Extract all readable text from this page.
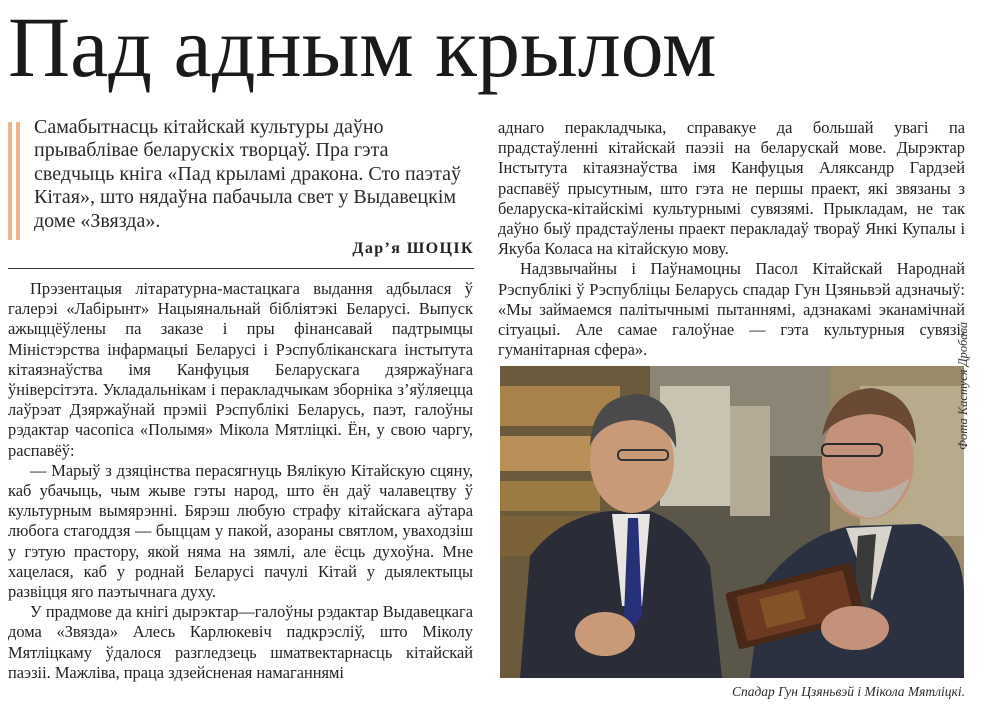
Пад адным крылом

Самабытнасць кітайскай культуры даўно прываблівае беларускіх творцаў. Пра гэта сведчыць кніга «Пад крыламі дракона. Сто паэтаў Кітая», што нядаўна пабачыла свет у Выдавецкім доме «Звязда».

Дар’я ШОЦІК

Прэзентацыя літаратурна-мастацкага выдання адбылася ў галерэі «Лабірынт» Нацыянальнай бібліятэкі Беларусі. Выпуск ажыццёўлены па заказе і пры фінансавай падтрымцы Міністэрства інфармацыі Беларусі і Рэспубліканскага інстытута кітаязнаўства імя Канфуцыя Беларускага дзяржаўнага ўніверсітэта. Укладальнікам і перакладчыкам зборніка з’яўляецца лаўрэат Дзяржаўнай прэміі Рэспублікі Беларусь, паэт, галоўны рэдактар часопіса «Полымя» Мікола Мятліцкі. Ён, у свою чаргу, распавёў:

— Марыў з дзяцінства перасягнуць Вялікую Кітайскую сцяну, каб убачыць, чым жыве гэты народ, што ён даў чалавецтву ў культурным вымярэнні. Бярэш любую страфу кітайскага аўтара любога стагоддзя — быццам у пакой, азораны святлом, уваходзіш у гэтую прастору, якой няма на зямлі, але ёсць духоўна. Мне хацелася, каб у роднай Беларусі пачулі Кітай у дыялектыцы развіцця яго паэтычнага духу.

У прадмове да кнігі дырэктар—галоўны рэдактар Выдавецкага дома «Звязда» Алесь Карлюкевіч падкрэсліў, што Міколу Мятліцкаму ўдалося разгледзець шматвектарнасць кітайскай паэзіі. Мажліва, праца здзейсненая намаганнямі

аднаго перакладчыка, справакуе да большай увагі па прадстаўленні кітайскай паэзіі на беларускай мове. Дырэктар Інстытута кітаязнаўства імя Канфуцыя Аляксандр Гардзей распавёў прысутным, што гэта не першы праект, які звязаны з беларуска-кітайскімі культурнымі сувязямі. Прыкладам, не так даўно быў прадстаўлены праект перакладаў твораў Янкі Купалы і Якуба Коласа на кітайскую мову.

Надзвычайны і Паўнамоцны Пасол Кітайскай Народнай Рэспублікі ў Рэспубліцы Беларусь спадар Гун Цзяньвэй адзначыў: «Мы займаемся палітычнымі пытаннямі, адзнакамі эканамічнай сітуацыі. Але самае галоўнае — гэта культурныя сувязі, гуманітарная сфера».	Фота Кастуся Дробава

Спадар Гун Цзяньвэй і Мікола Мятліцкі.
